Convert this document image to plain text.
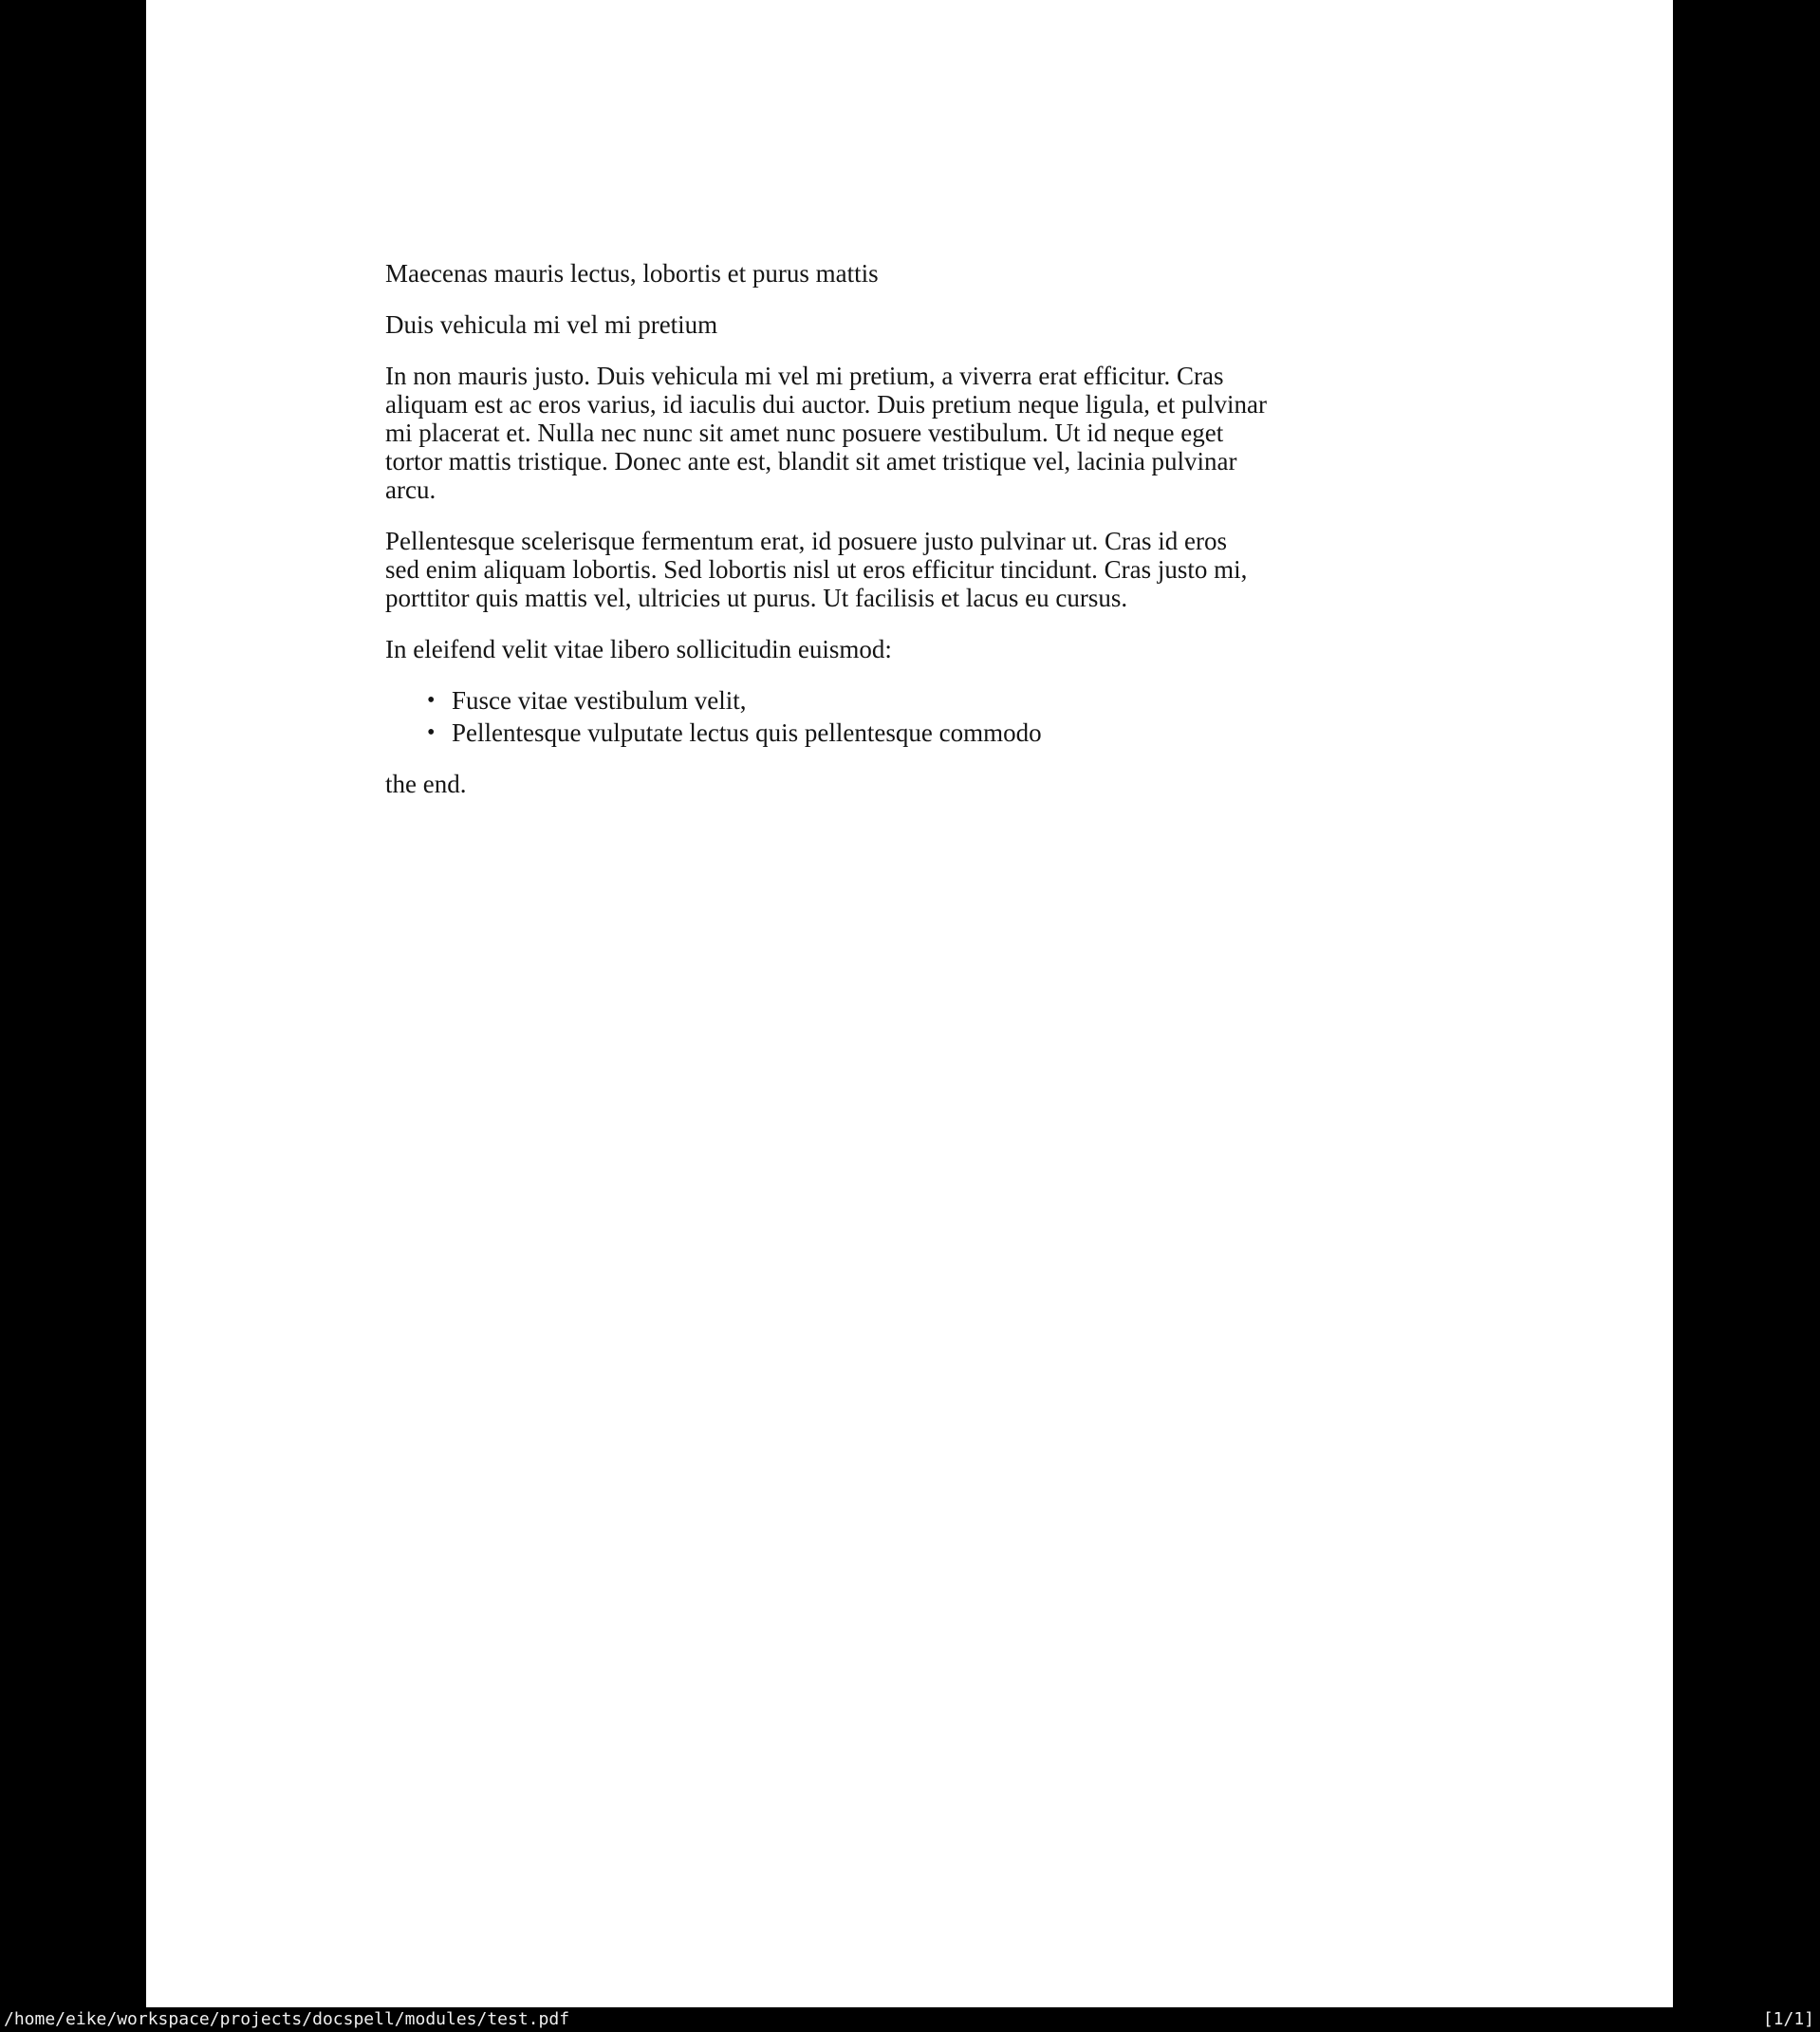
Maecenas mauris lectus, lobortis et purus mattis
Duis vehicula mi vel mi pretium
In non mauris justo. Duis vehicula mi vel mi pretium, a viverra erat efficitur. Cras
aliquam est ac eros varius, id iaculis dui auctor. Duis pretium neque ligula, et pulvinar
mi placerat et. Nulla nec nunc sit amet nunc posuere vestibulum. Ut id neque eget
tortor mattis tristique. Donec ante est, blandit sit amet tristique vel, lacinia pulvinar
arcu.
Pellentesque scelerisque fermentum erat, id posuere justo pulvinar ut. Cras id eros
sed enim aliquam lobortis. Sed lobortis nisl ut eros efficitur tincidunt. Cras justo mi,
porttitor quis mattis vel, ultricies ut purus. Ut facilisis et lacus eu cursus.
In eleifend velit vitae libero sollicitudin euismod:
• Fusce vitae vestibulum velit,
• Pellentesque vulputate lectus quis pellentesque commodo
the end.
/home/eike/workspace/projects/docspell/modules/test.pdf	[1/1]
